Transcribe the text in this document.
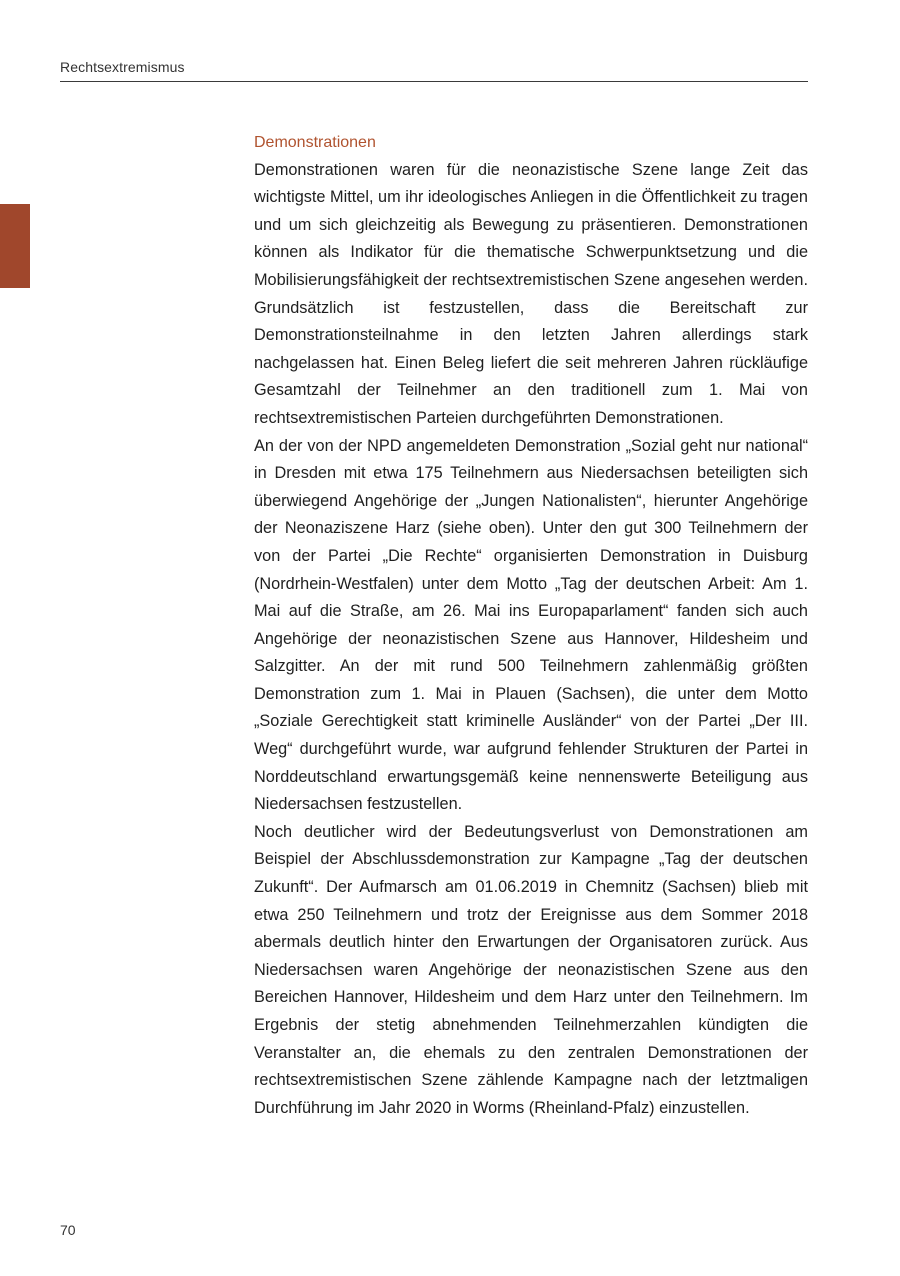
Rechtsextremismus
Demonstrationen

Demonstrationen waren für die neonazistische Szene lange Zeit das wichtigste Mittel, um ihr ideologisches Anliegen in die Öffentlichkeit zu tragen und um sich gleichzeitig als Bewegung zu präsentieren. Demonstrationen können als Indikator für die thematische Schwerpunktsetzung und die Mobilisierungsfähigkeit der rechtsextremistischen Szene angesehen werden. Grundsätzlich ist festzustellen, dass die Bereitschaft zur Demonstrationsteilnahme in den letzten Jahren allerdings stark nachgelassen hat. Einen Beleg liefert die seit mehreren Jahren rückläufige Gesamtzahl der Teilnehmer an den traditionell zum 1. Mai von rechtsextremistischen Parteien durchgeführten Demonstrationen.

An der von der NPD angemeldeten Demonstration „Sozial geht nur national“ in Dresden mit etwa 175 Teilnehmern aus Niedersachsen beteiligten sich überwiegend Angehörige der „Jungen Nationalisten“, hierunter Angehörige der Neonaziszene Harz (siehe oben). Unter den gut 300 Teilnehmern der von der Partei „Die Rechte“ organisierten Demonstration in Duisburg (Nordrhein-Westfalen) unter dem Motto „Tag der deutschen Arbeit: Am 1. Mai auf die Straße, am 26. Mai ins Europaparlament“ fanden sich auch Angehörige der neonazistischen Szene aus Hannover, Hildesheim und Salzgitter. An der mit rund 500 Teilnehmern zahlenmäßig größten Demonstration zum 1. Mai in Plauen (Sachsen), die unter dem Motto „Soziale Gerechtigkeit statt kriminelle Ausländer“ von der Partei „Der III. Weg“ durchgeführt wurde, war aufgrund fehlender Strukturen der Partei in Norddeutschland erwartungsgemäß keine nennenswerte Beteiligung aus Niedersachsen festzustellen.

Noch deutlicher wird der Bedeutungsverlust von Demonstrationen am Beispiel der Abschlussdemonstration zur Kampagne „Tag der deutschen Zukunft“. Der Aufmarsch am 01.06.2019 in Chemnitz (Sachsen) blieb mit etwa 250 Teilnehmern und trotz der Ereignisse aus dem Sommer 2018 abermals deutlich hinter den Erwartungen der Organisatoren zurück. Aus Niedersachsen waren Angehörige der neonazistischen Szene aus den Bereichen Hannover, Hildesheim und dem Harz unter den Teilnehmern. Im Ergebnis der stetig abnehmenden Teilnehmerzahlen kündigten die Veranstalter an, die ehemals zu den zentralen Demonstrationen der rechtsextremistischen Szene zählende Kampagne nach der letztmaligen Durchführung im Jahr 2020 in Worms (Rheinland-Pfalz) einzustellen.

70
